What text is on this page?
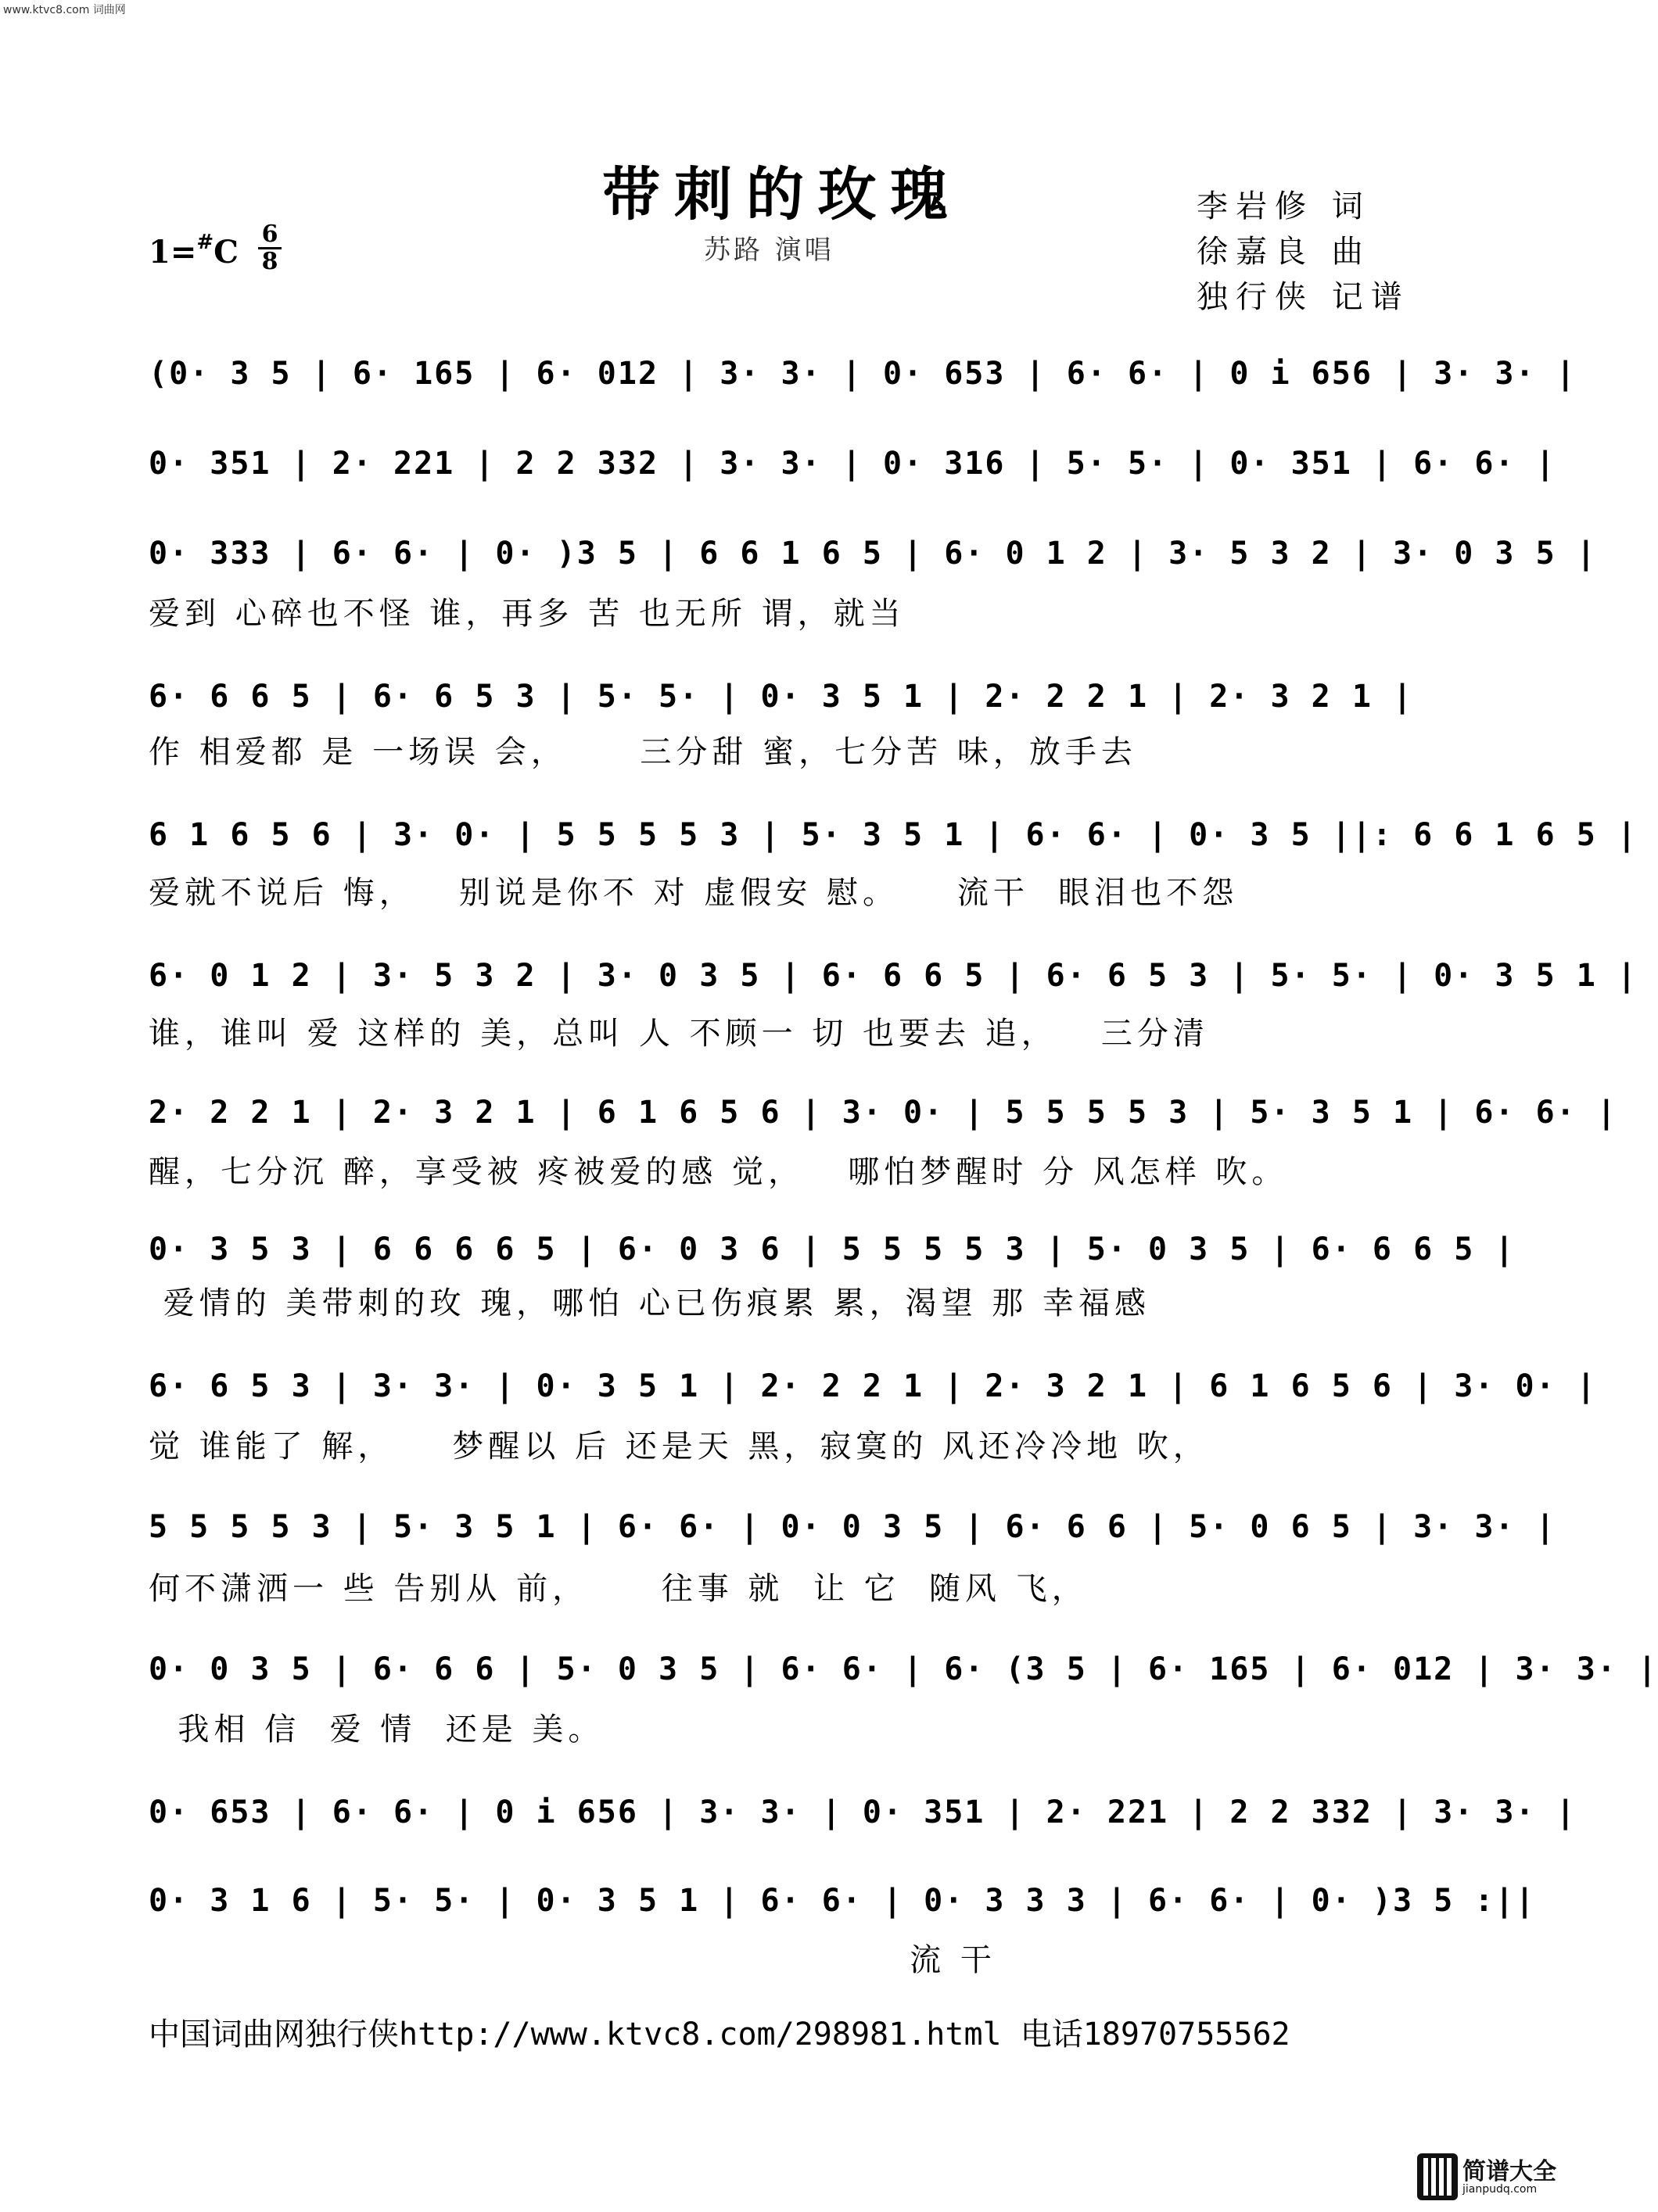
www.ktvc8.com 词曲网
带刺的玫瑰
苏路 演唱
李岩修 词
徐嘉良 曲
独行侠 记谱
1=#C 6
8
(0· 3 5 | 6· 165 | 6· 012 | 3· 3· | 0· 653 | 6· 6· | 0 i 656 | 3· 3· |
0· 351 | 2· 221 | 2 2 332 | 3· 3· | 0· 316 | 5· 5· | 0· 351 | 6· 6· |
0· 333 | 6· 6· | 0· )3 5 | 6 6 1 6 5 | 6· 0 1 2 | 3· 5 3 2 | 3· 0 3 5 |
爱到 心碎也不怪 谁，再多 苦 也无所 谓，就当
6· 6 6 5 | 6· 6 5 3 | 5· 5· | 0· 3 5 1 | 2· 2 2 1 | 2· 3 2 1 |
作 相爱都 是 一场误 会，     三分甜 蜜，七分苦 味，放手去
6 1 6 5 6 | 3· 0· | 5 5 5 5 3 | 5· 3 5 1 | 6· 6· | 0· 3 5 ||: 6 6 1 6 5 |
爱就不说后 悔，   别说是你不 对 虚假安 慰。    流干  眼泪也不怨
6· 0 1 2 | 3· 5 3 2 | 3· 0 3 5 | 6· 6 6 5 | 6· 6 5 3 | 5· 5· | 0· 3 5 1 |
谁，谁叫 爱 这样的 美，总叫 人 不顾一 切 也要去 追，   三分清
2· 2 2 1 | 2· 3 2 1 | 6 1 6 5 6 | 3· 0· | 5 5 5 5 3 | 5· 3 5 1 | 6· 6· |
醒，七分沉 醉，享受被 疼被爱的感 觉，   哪怕梦醒时 分 风怎样 吹。
0· 3 5 3 | 6 6 6 6 5 | 6· 0 3 6 | 5 5 5 5 3 | 5· 0 3 5 | 6· 6 6 5 |
爱情的 美带刺的玫 瑰，哪怕 心已伤痕累 累，渴望 那 幸福感
6· 6 5 3 | 3· 3· | 0· 3 5 1 | 2· 2 2 1 | 2· 3 2 1 | 6 1 6 5 6 | 3· 0· |
觉 谁能了 解，    梦醒以 后 还是天 黑，寂寞的 风还冷冷地 吹，
5 5 5 5 3 | 5· 3 5 1 | 6· 6· | 0· 0 3 5 | 6· 6 6 | 5· 0 6 5 | 3· 3· |
何不潇洒一 些 告别从 前，     往事 就  让 它  随风 飞，
0· 0 3 5 | 6· 6 6 | 5· 0 3 5 | 6· 6· | 6· (3 5 | 6· 165 | 6· 012 | 3· 3· |
我相 信  爱 情  还是 美。
0· 653 | 6· 6· | 0 i 656 | 3· 3· | 0· 351 | 2· 221 | 2 2 332 | 3· 3· |
0· 3 1 6 | 5· 5· | 0· 3 5 1 | 6· 6· | 0· 3 3 3 | 6· 6· | 0· )3 5 :||
流 干
中国词曲网独行侠http://www.ktvc8.com/298981.html 电话18970755562
简谱大全
jianpudq.com
